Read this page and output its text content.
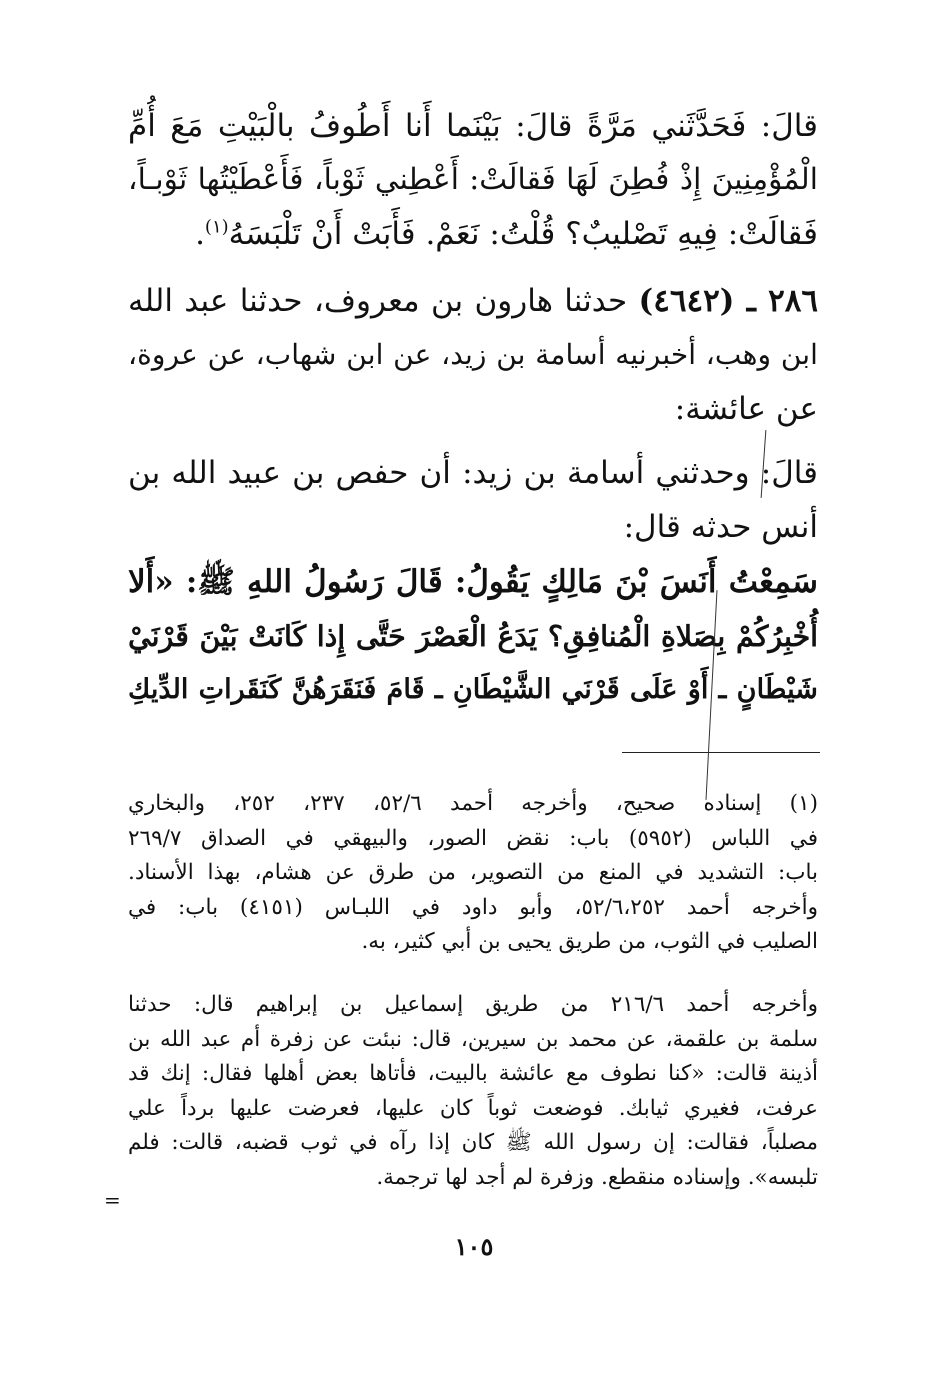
قالَ: فَحَدَّثَني مَرَّةً قالَ: بَيْنَما أَنا أَطُوفُ بالْبَيْتِ مَعَ أُمِّ
الْمُؤْمِنِينَ إِذْ فُطِنَ لَهَا فَقالَتْ: أَعْطِني ثَوْباً، فَأَعْطَيْتُها ثَوْبـاً،
فَقالَتْ: فِيهِ تَصْليبٌ؟ قُلْتُ: نَعَمْ. فَأَبَتْ أَنْ تَلْبَسَهُ$^{(١)}$.
٢٨٦ ـ (٤٦٤٢) حدثنا هارون بن معروف، حدثنا عبد الله
ابن وهب، أخبرنيه أسامة بن زيد، عن ابن شهاب، عن عروة،
عن عائشة:
قالَ: وحدثني أسامة بن زيد: أن حفص بن عبيد الله بن
أنس حدثه قال:
سَمِعْتُ أَنَسَ بْنَ مَالِكٍ يَقُولُ: قَالَ رَسُولُ اللهِ ﷺ: «أَلا
أُخْبِرُكُمْ بِصَلاةِ الْمُنافِقِ؟ يَدَعُ الْعَصْرَ حَتَّى إِذا كَانَتْ بَيْنَ قَرْنَيْ
شَيْطَانٍ ـ أَوْ عَلَى قَرْنَي الشَّيْطَانِ ـ قَامَ فَنَقَرَهُنَّ كَنَقَراتِ الدِّيكِ
(١) إسناده صحيح، وأخرجه أحمد ٥٢/٦، ٢٣٧، ٢٥٢، والبخاري
في اللباس (٥٩٥٢) باب: نقض الصور، والبيهقي في الصداق ٢٦٩/٧
باب: التشديد في المنع من التصوير، من طرق عن هشام، بهذا الأسناد.
وأخرجه أحمد ٥٢/٦،٢٥٢، وأبو داود في اللبـاس (٤١٥١) باب: في
الصليب في الثوب، من طريق يحيى بن أبي كثير، به.
وأخرجه أحمد ٢١٦/٦ من طريق إسماعيل بن إبراهيم قال: حدثنا
سلمة بن علقمة، عن محمد بن سيرين، قال: نبئت عن زفرة أم عبد الله بن
أذينة قالت: «كنا نطوف مع عائشة بالبيت، فأتاها بعض أهلها فقال: إنك قد
عرفت، فغيري ثيابك. فوضعت ثوباً كان عليها، فعرضت عليها برداً علي
مصلباً، فقالت: إن رسول الله ﷺ كان إذا رآه في ثوب قضبه، قالت: فلم
تلبسه». وإسناده منقطع. وزفرة لم أجد لها ترجمة.
=
١٠٥
